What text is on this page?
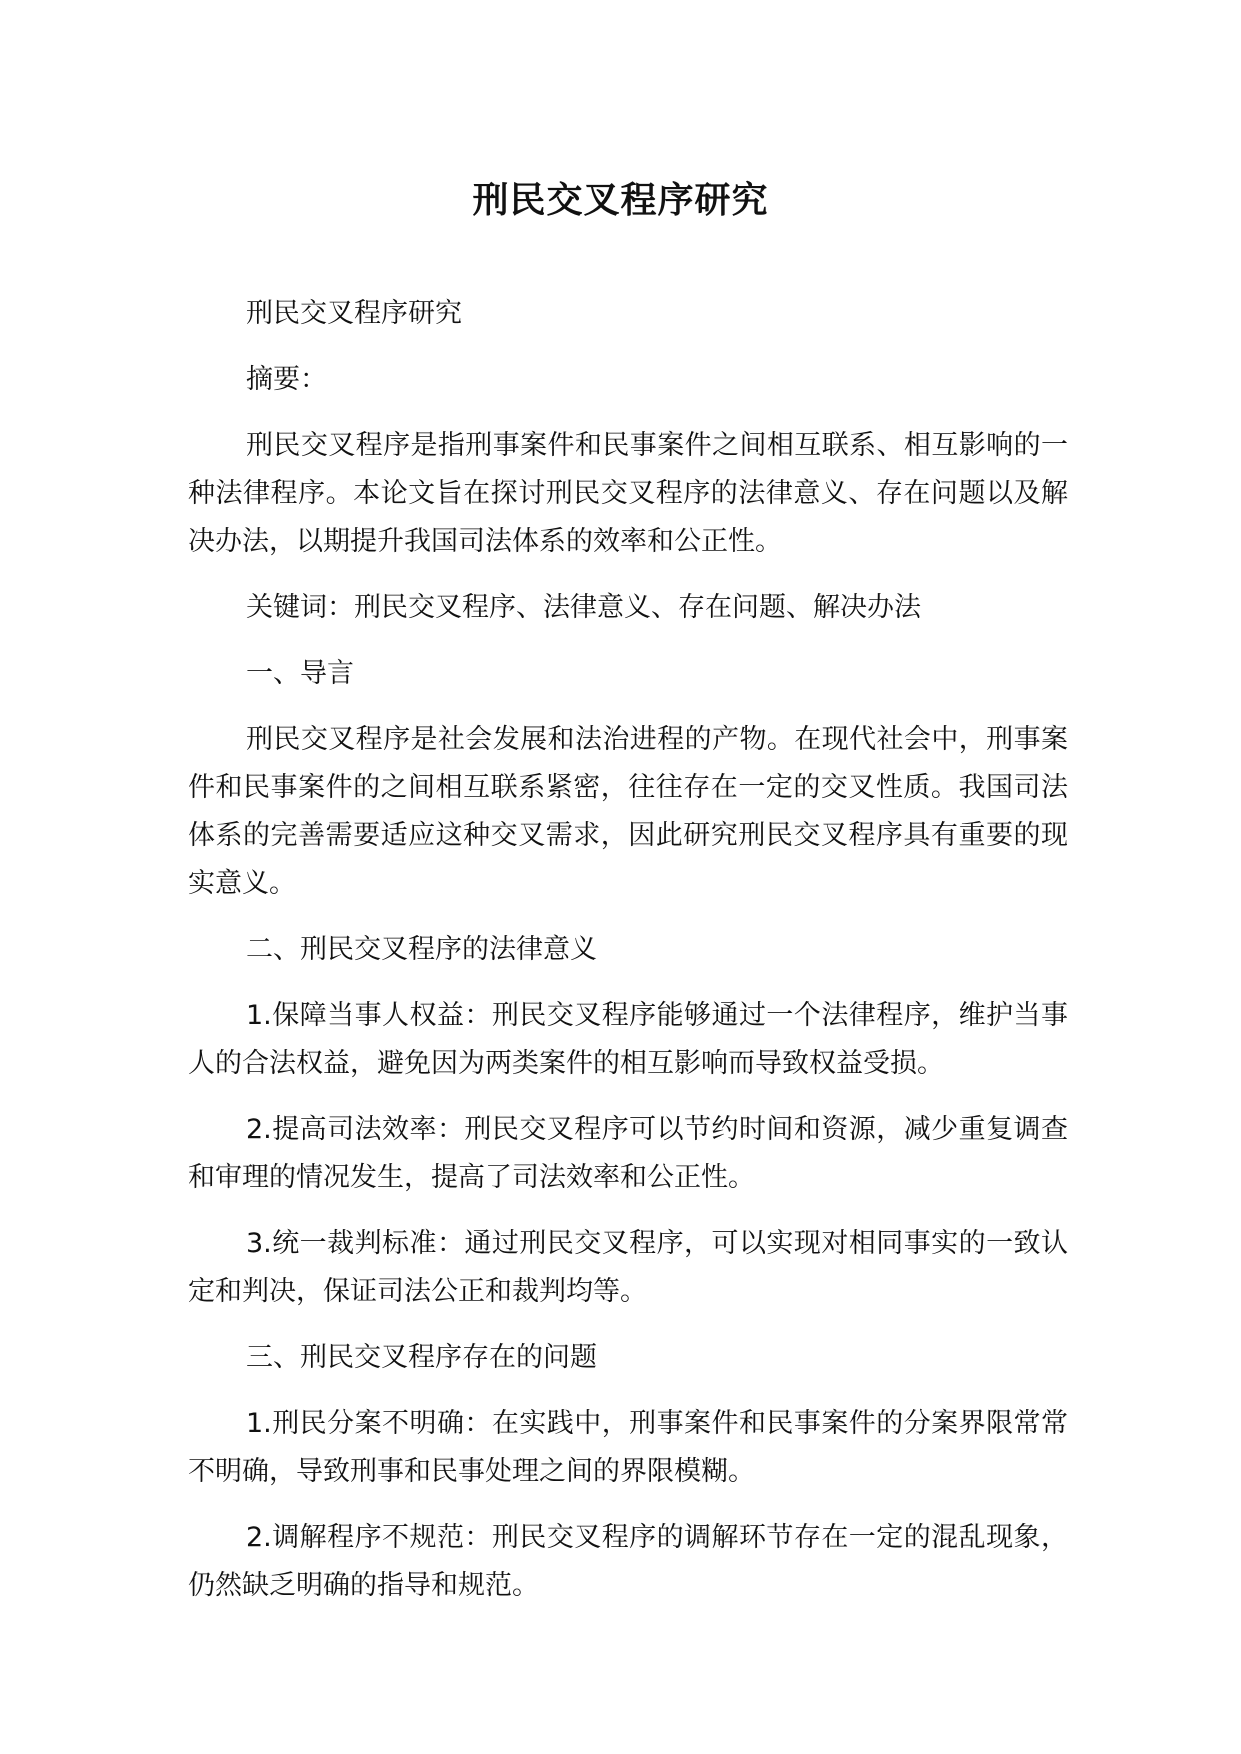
刑民交叉程序研究

刑民交叉程序研究

摘要：

刑民交叉程序是指刑事案件和民事案件之间相互联系、相互影响的一种法律程序。本论文旨在探讨刑民交叉程序的法律意义、存在问题以及解决办法，以期提升我国司法体系的效率和公正性。

关键词：刑民交叉程序、法律意义、存在问题、解决办法

一、导言

刑民交叉程序是社会发展和法治进程的产物。在现代社会中，刑事案件和民事案件的之间相互联系紧密，往往存在一定的交叉性质。我国司法体系的完善需要适应这种交叉需求，因此研究刑民交叉程序具有重要的现实意义。

二、刑民交叉程序的法律意义

1.保障当事人权益：刑民交叉程序能够通过一个法律程序，维护当事人的合法权益，避免因为两类案件的相互影响而导致权益受损。

2.提高司法效率：刑民交叉程序可以节约时间和资源，减少重复调查和审理的情况发生，提高了司法效率和公正性。

3.统一裁判标准：通过刑民交叉程序，可以实现对相同事实的一致认定和判决，保证司法公正和裁判均等。

三、刑民交叉程序存在的问题

1.刑民分案不明确：在实践中，刑事案件和民事案件的分案界限常常不明确，导致刑事和民事处理之间的界限模糊。

2.调解程序不规范：刑民交叉程序的调解环节存在一定的混乱现象，仍然缺乏明确的指导和规范。
